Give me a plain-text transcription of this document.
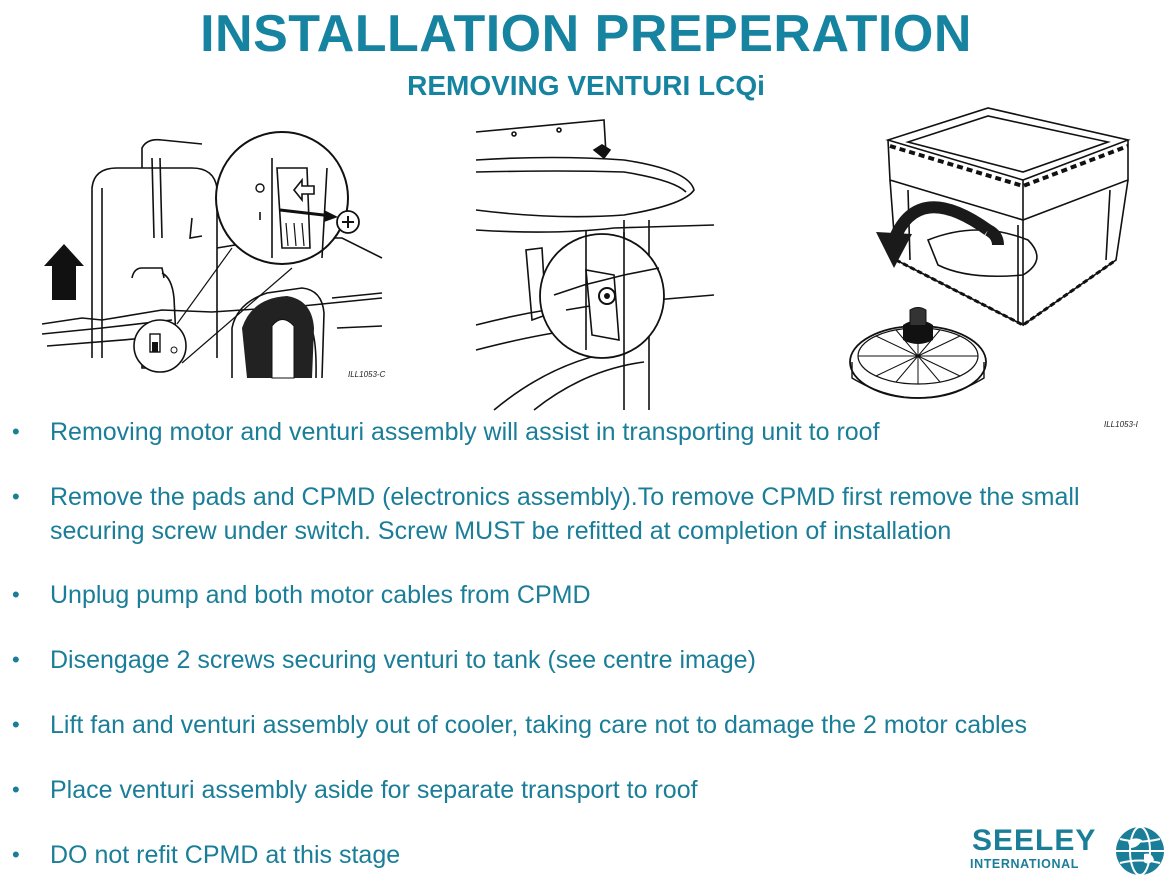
INSTALLATION PREPERATION
REMOVING VENTURI LCQi
ILL1053-C
ILL1053-I
• Removing motor and venturi assembly will assist in transporting unit to roof
• Remove the pads and CPMD (electronics assembly).To remove CPMD first remove the small securing screw under switch. Screw MUST be refitted at completion of installation
• Unplug pump and both motor cables from CPMD
• Disengage 2 screws securing venturi to tank (see centre image)
• Lift fan and venturi assembly out of cooler, taking care not to damage the 2 motor cables
• Place venturi assembly aside for separate transport to roof
• DO not refit CPMD at this stage	SEELEY
INTERNATIONAL
